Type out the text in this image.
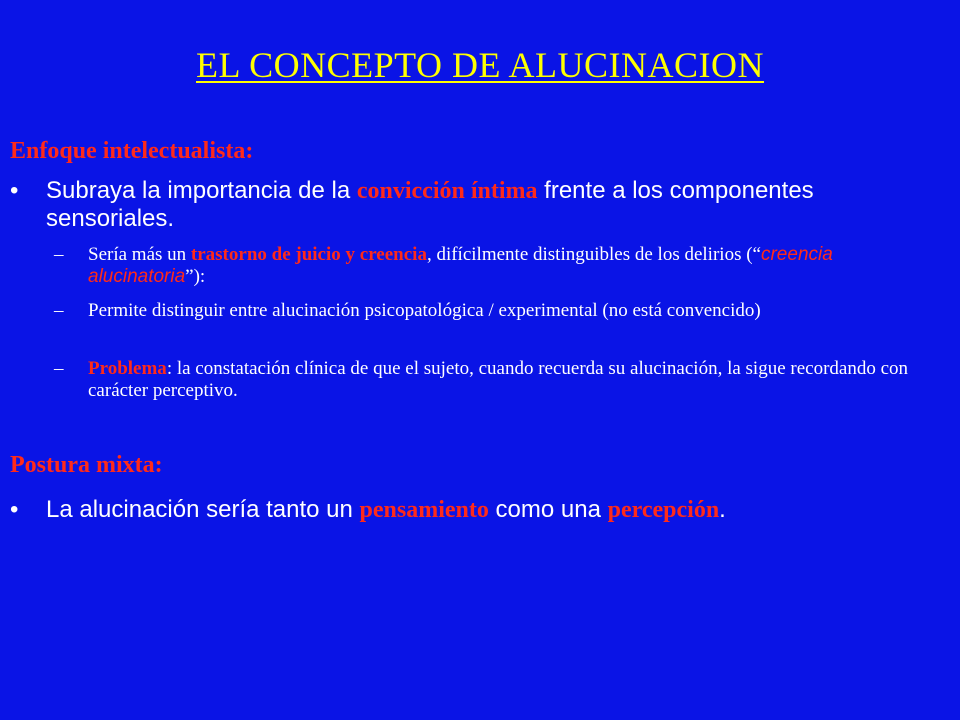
EL CONCEPTO DE ALUCINACION
Enfoque intelectualista:
• Subraya la importancia de la convicción íntima frente a los componentes sensoriales.
– Sería más un trastorno de juicio y creencia, difícilmente distinguibles de los delirios (“creencia alucinatoria”):
– Permite distinguir entre alucinación psicopatológica / experimental (no está convencido)
– Problema: la constatación clínica de que el sujeto, cuando recuerda su alucinación, la sigue recordando con carácter perceptivo.
Postura mixta:
• La alucinación sería tanto un pensamiento como una percepción.
